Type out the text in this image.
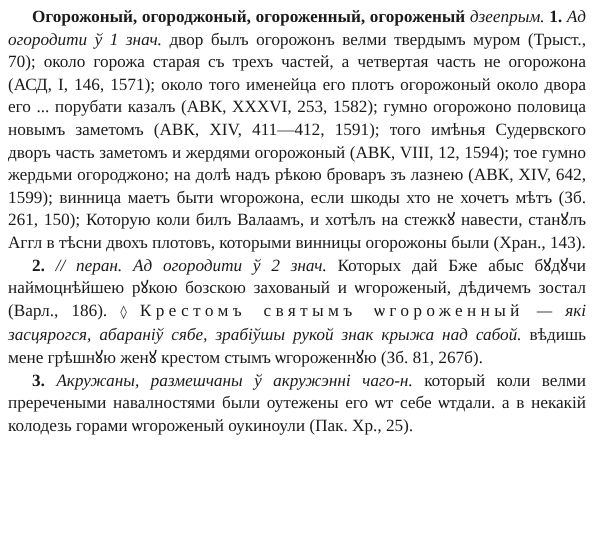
Огорожоный, огороджоный, огороженный, огороженый дзеепрым. 1. Ад огородити ў 1 знач. двор былъ огорожонъ велми твердымъ муром (Трыст., 70); около горожа старая съ трехъ частей, а четвертая часть не огорожона (АСД, I, 146, 1571); около того именейца его плотъ огорожоный около двора его ... порубати казалъ (АВК, XXXVI, 253, 1582); гумно огорожоно половица новымъ заметомъ (АВК, XIV, 411—412, 1591); того имѣнья Судервского дворъ часть заметомъ и жердями огорожоный (АВК, VIII, 12, 1594); тое гумно жердьми огороджоно; на долѣ надъ рѣкою броваръ зъ лазнею (АВК, XIV, 642, 1599); винница маетъ быти ѡгорожона, если шкоды хто не хочетъ мѣтъ (Зб. 261, 150); Которую коли билъ Валаамъ, и хотѣлъ на стежкꙋ навести, станꙋлъ Аггл в тѣсни двохъ плотовъ, которыми винницы огорожоны были (Хран., 143).

2. // перан. Ад огородити ў 2 знач. Которых дай Бже абыс бꙋдꙋчи наймоцнѣйшею рꙋкою бозскою захованый и ѡгороженый, дѣдичемъ зостал (Варл., 186). ◊ Крестомъ святымъ ѡгороженный — які засцярогся, абараніў сябе, зрабіўшы рукой знак крыжа над сабой. вѣдишь мене грѣшнꙋю женꙋ крестом стымъ ѡгороженнꙋю (Зб. 81, 267б).

3. Акружаны, размешчаны ў акружэнні чаго-н. который коли велми преречеными навалностями были оутежены его ѡт себе ѡтдали. а в некакій колодезь горами ѡгороженый оукиноули (Пак. Хр., 25).
